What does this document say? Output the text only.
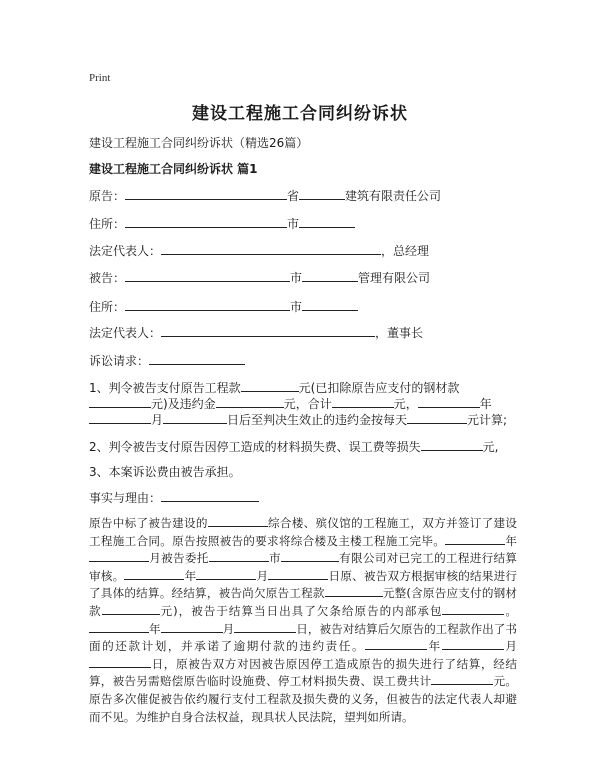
Print
建设工程施工合同纠纷诉状
建设工程施工合同纠纷诉状（精选26篇）
建设工程施工合同纠纷诉状 篇1
原告：	省	建筑有限责任公司
住所：	市
法定代表人：	，总经理
被告：	市	管理有限公司
住所：	市
法定代表人：	，董事长
诉讼请求：
1、判令被告支付原告工程款	元(已扣除原告应支付的钢材款
元)及违约金	元，合计	元，	年
月	日后至判决生效止的违约金按每天	元计算;
2、判令被告支付原告因停工造成的材料损失费、误工费等损失	元,
3、本案诉讼费由被告承担。
事实与理由：
原告中标了被告建设的	综合楼、殡仪馆的工程施工，双方并签订了建设工程施工合同。原告按照被告的要求将综合楼及主楼工程施工完毕。	年月被告委托	市	有限公司对已完工的工程进行结算审核。	年	月	日原、被告双方根据审核的结果进行了具体的结算。经结算，被告尚欠原告工程款	元整(含原告应支付的钢材款	元)，被告于结算当日出具了欠条给原告的内部承包	。年	月	日，被告对结算后欠原告的工程款作出了书面的还款计划，并承诺了逾期付款的违约责任。	年	月日，原被告双方对因被告原因停工造成原告的损失进行了结算，经结算，被告另需赔偿原告临时设施费、停工材料损失费、误工费共计	元。原告多次催促被告依约履行支付工程款及损失费的义务，但被告的法定代表人却避而不见。为维护自身合法权益，现具状人民法院，望判如所请。
